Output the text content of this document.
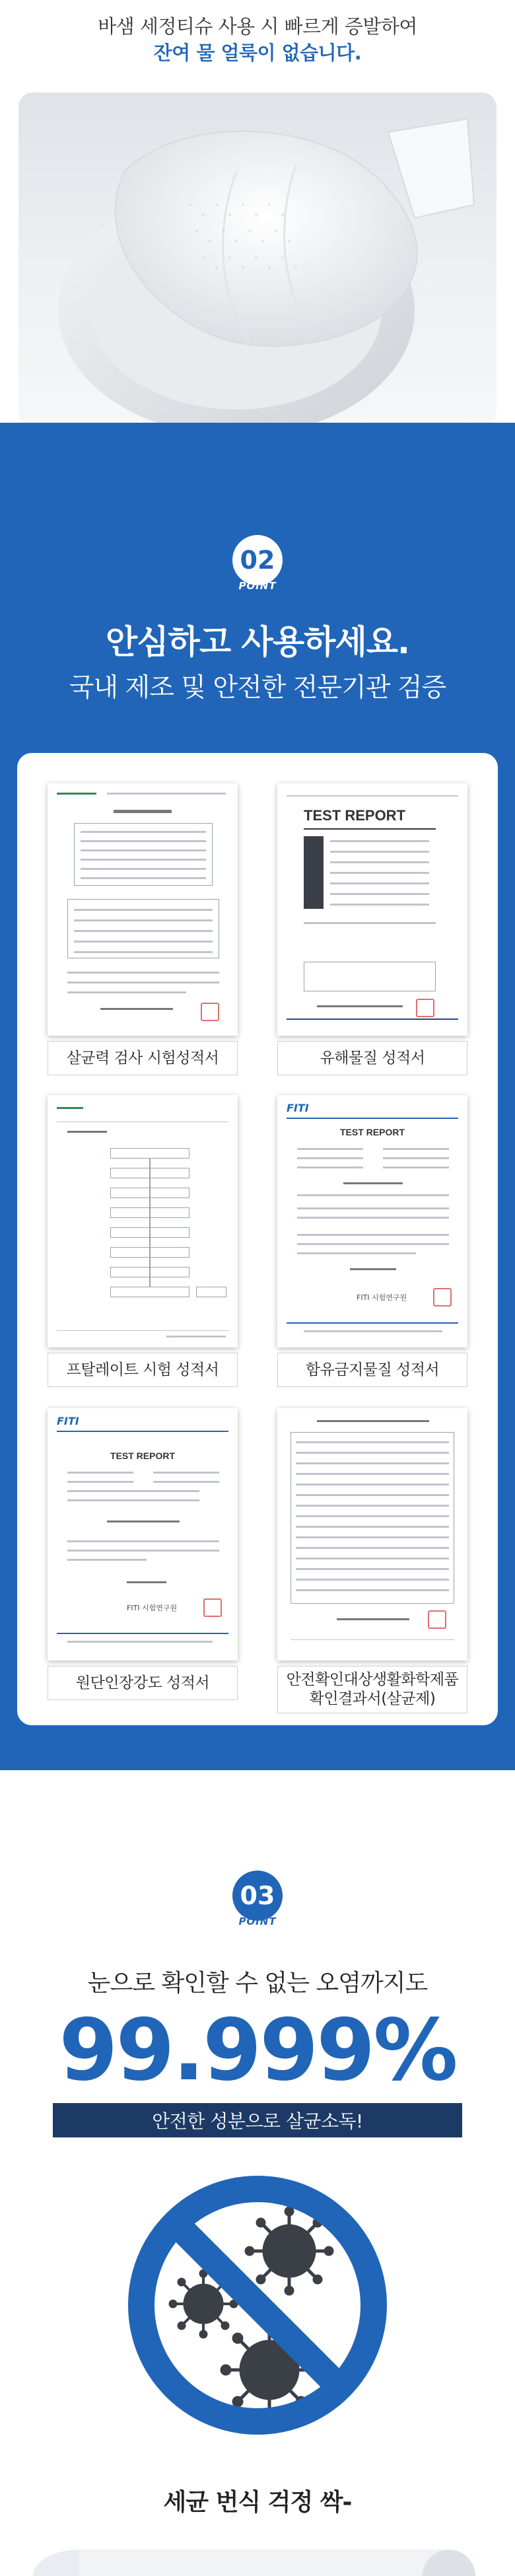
바샘 세정티슈 사용 시 빠르게 증발하여
잔여 물 얼룩이 없습니다.
02
POINT
안심하고 사용하세요.
국내 제조 및 안전한 전문기관 검증
살균력 검사 시험성적서
TEST REPORT
유해물질 성적서
프탈레이트 시험 성적서
FITI
TEST REPORT
FITI 시험연구원
함유금지물질 성적서
FITI
TEST REPORT
FITI 시험연구원
원단인장강도 성적서	안전확인대상생활화학제품 확인결과서(살균제)
03
POINT
눈으로 확인할 수 없는 오염까지도
99.999%
안전한 성분으로 살균소독!
세균 번식 걱정 싹-
